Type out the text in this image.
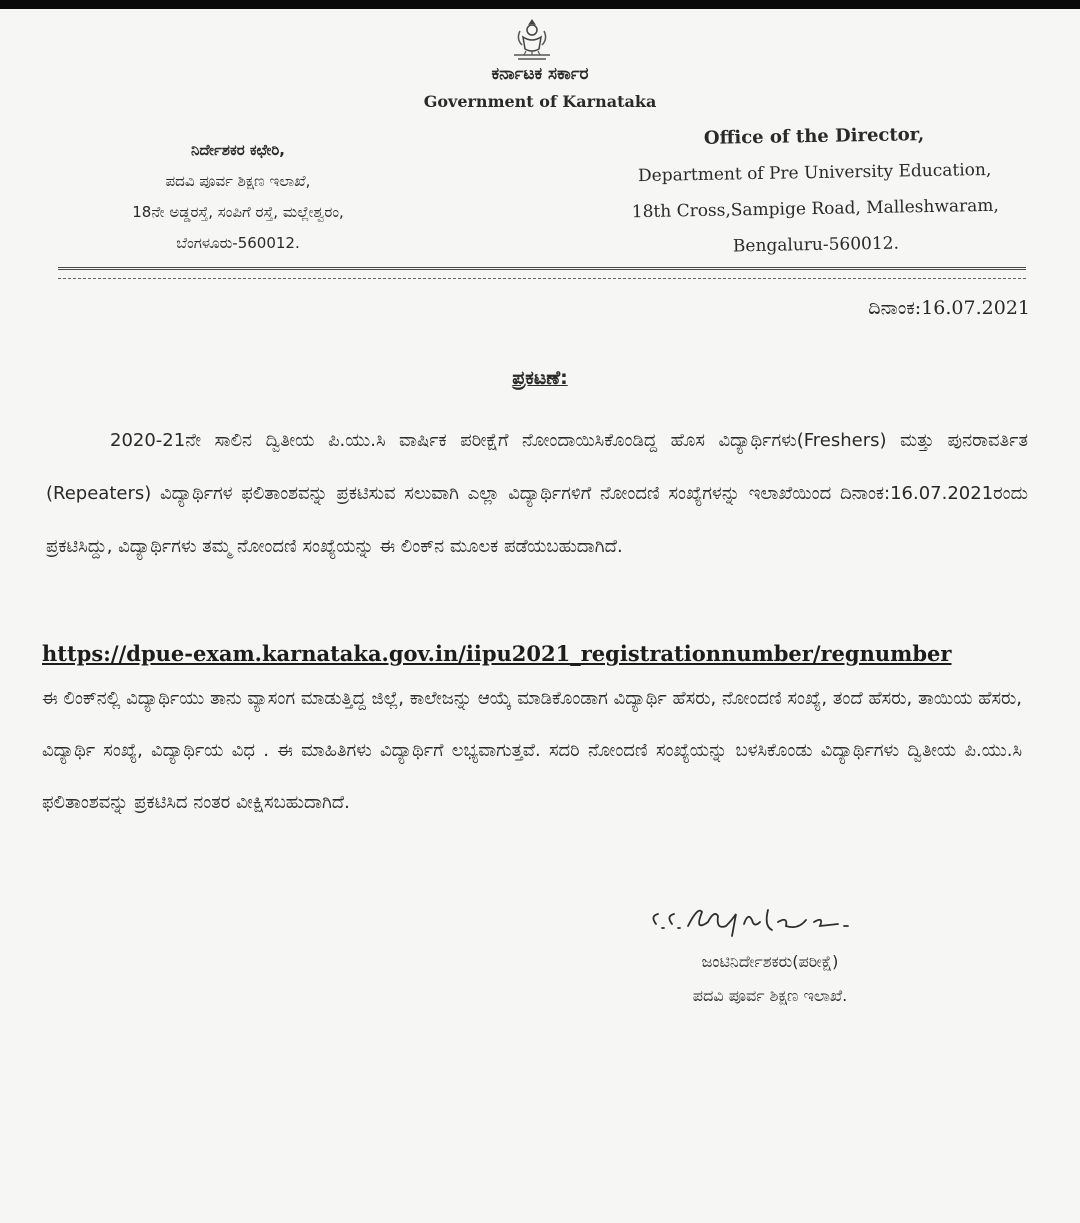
ಕರ್ನಾಟಕ ಸರ್ಕಾರ
Government of Karnataka
ನಿರ್ದೇಶಕರ ಕಛೇರಿ,
ಪದವಿ ಪೂರ್ವ ಶಿಕ್ಷಣ ಇಲಾಖೆ,
18ನೇ ಅಡ್ಡರಸ್ತೆ, ಸಂಪಿಗೆ ರಸ್ತೆ, ಮಲ್ಲೇಶ್ವರಂ,
ಬೆಂಗಳೂರು-560012.
Office of the Director,
Department of Pre University Education,
18th Cross,Sampige Road, Malleshwaram,
Bengaluru-560012.
ದಿನಾಂಕ:16.07.2021
ಪ್ರಕಟಣೆ:
2020-21ನೇ ಸಾಲಿನ ದ್ವಿತೀಯ ಪಿ.ಯು.ಸಿ ವಾರ್ಷಿಕ ಪರೀಕ್ಷೆಗೆ ನೋಂದಾಯಿಸಿಕೊಂಡಿದ್ದ ಹೊಸ ವಿದ್ಯಾರ್ಥಿಗಳು(Freshers) ಮತ್ತು ಪುನರಾವರ್ತಿತ (Repeaters) ವಿದ್ಯಾರ್ಥಿಗಳ ಫಲಿತಾಂಶವನ್ನು ಪ್ರಕಟಿಸುವ ಸಲುವಾಗಿ ಎಲ್ಲಾ ವಿದ್ಯಾರ್ಥಿಗಳಿಗೆ ನೋಂದಣಿ ಸಂಖ್ಯೆಗಳನ್ನು ಇಲಾಖೆಯಿಂದ ದಿನಾಂಕ:16.07.2021ರಂದು ಪ್ರಕಟಿಸಿದ್ದು, ವಿದ್ಯಾರ್ಥಿಗಳು ತಮ್ಮ ನೋಂದಣಿ ಸಂಖ್ಯೆಯನ್ನು ಈ ಲಿಂಕ್‌ನ ಮೂಲಕ ಪಡೆಯಬಹುದಾಗಿದೆ.
https://dpue-exam.karnataka.gov.in/iipu2021_registrationnumber/regnumber
ಈ ಲಿಂಕ್‌ನಲ್ಲಿ ವಿದ್ಯಾರ್ಥಿಯು ತಾನು ವ್ಯಾಸಂಗ ಮಾಡುತ್ತಿದ್ದ ಜಿಲ್ಲೆ, ಕಾಲೇಜನ್ನು ಆಯ್ಕೆ ಮಾಡಿಕೊಂಡಾಗ ವಿದ್ಯಾರ್ಥಿ ಹೆಸರು, ನೋಂದಣಿ ಸಂಖ್ಯೆ, ತಂದೆ ಹೆಸರು, ತಾಯಿಯ ಹೆಸರು, ವಿದ್ಯಾರ್ಥಿ ಸಂಖ್ಯೆ, ವಿದ್ಯಾರ್ಥಿಯ ವಿಧ . ಈ ಮಾಹಿತಿಗಳು ವಿದ್ಯಾರ್ಥಿಗೆ ಲಭ್ಯವಾಗುತ್ತವೆ. ಸದರಿ ನೋಂದಣಿ ಸಂಖ್ಯೆಯನ್ನು ಬಳಸಿಕೊಂಡು ವಿದ್ಯಾರ್ಥಿಗಳು ದ್ವಿತೀಯ ಪಿ.ಯು.ಸಿ ಫಲಿತಾಂಶವನ್ನು ಪ್ರಕಟಿಸಿದ ನಂತರ ವೀಕ್ಷಿಸಬಹುದಾಗಿದೆ.
ಜಂಟಿನಿರ್ದೇಶಕರು(ಪರೀಕ್ಷೆ)
ಪದವಿ ಪೂರ್ವ ಶಿಕ್ಷಣ ಇಲಾಖೆ.
